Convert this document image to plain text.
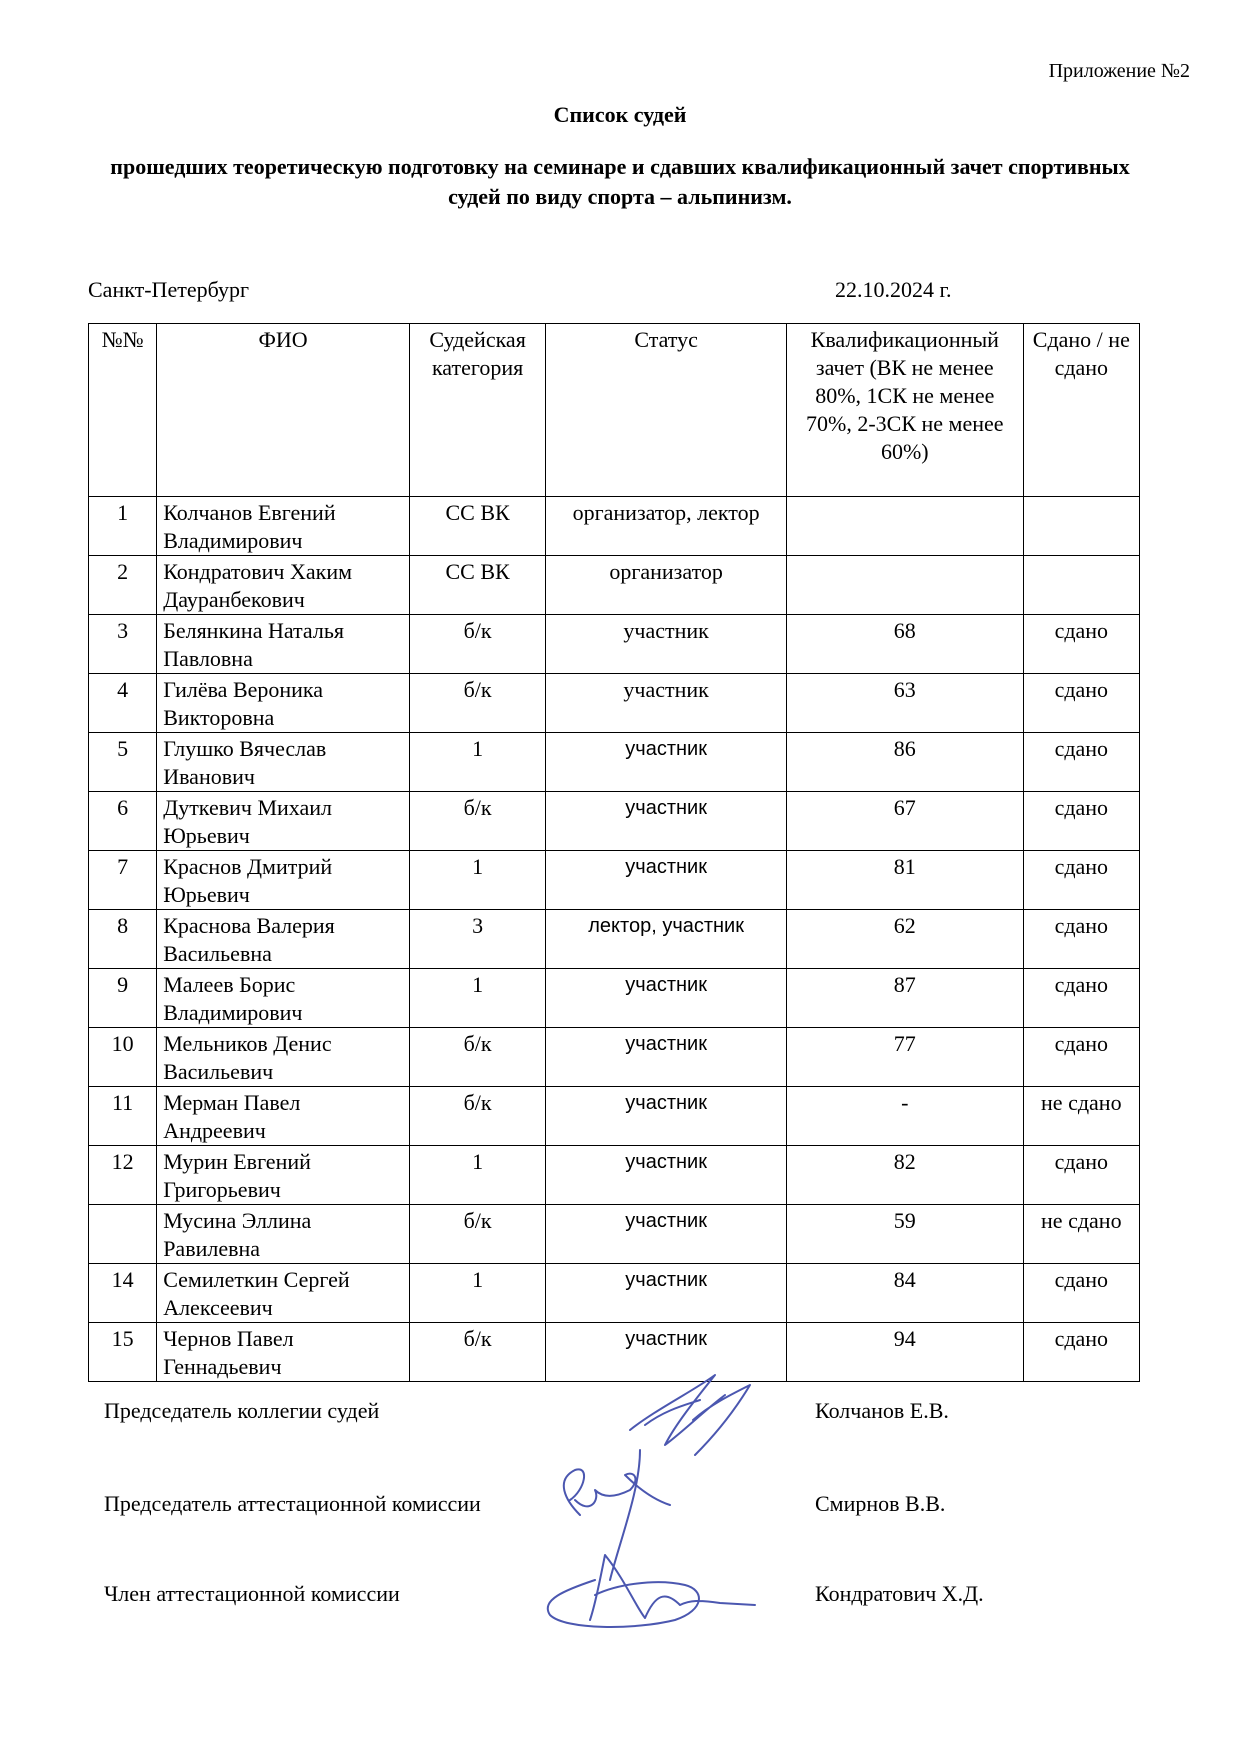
Приложение №2
Список судей
прошедших теоретическую подготовку на семинаре и сдавших квалификационный зачет спортивных судей по виду спорта – альпинизм.
Санкт-Петербург	22.10.2024 г.
№№	ФИО	Судейская категория	Статус	Квалификационный зачет (ВК не менее 80%, 1СК не менее 70%, 2-3СК не менее 60%)	Сдано / не сдано
1	Колчанов Евгений Владимирович	СС ВК	организатор, лектор		
2	Кондратович Хаким Дауранбекович	СС ВК	организатор		
3	Белянкина Наталья Павловна	б/к	участник	68	сдано
4	Гилёва Вероника Викторовна	б/к	участник	63	сдано
5	Глушко Вячеслав Иванович	1	участник	86	сдано
6	Дуткевич Михаил Юрьевич	б/к	участник	67	сдано
7	Краснов Дмитрий Юрьевич	1	участник	81	сдано
8	Краснова Валерия Васильевна	3	лектор, участник	62	сдано
9	Малеев Борис Владимирович	1	участник	87	сдано
10	Мельников Денис Васильевич	б/к	участник	77	сдано
11	Мерман Павел Андреевич	б/к	участник	-	не сдано
12	Мурин Евгений Григорьевич	1	участник	82	сдано
	Мусина Эллина Равилевна	б/к	участник	59	не сдано
14	Семилеткин Сергей Алексеевич	1	участник	84	сдано
15	Чернов Павел Геннадьевич	б/к	участник	94	сдано
Председатель коллегии судей	Колчанов Е.В.
Председатель аттестационной комиссии	Смирнов В.В.
Член аттестационной комиссии	Кондратович Х.Д.
